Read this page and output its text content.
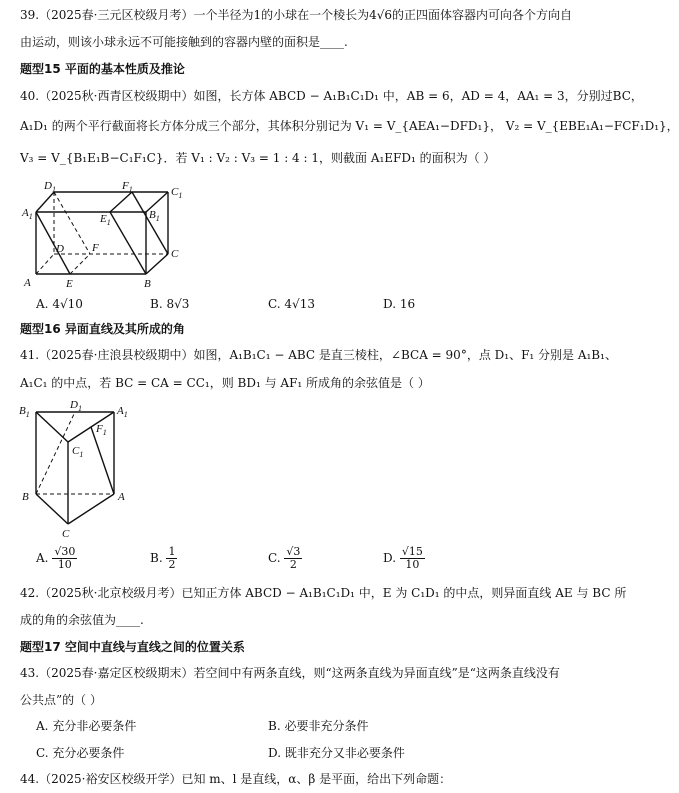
39.（2025春·三元区校级月考）一个半径为1的小球在一个棱长为4√6的正四面体容器内可向各个方向自
由运动，则该小球永远不可能接触到的容器内壁的面积是____.
题型15 平面的基本性质及推论
40.（2025秋·西青区校级期中）如图，长方体 ABCD − A₁B₁C₁D₁ 中，AB = 6，AD = 4，AA₁ = 3，分别过BC，
A₁D₁ 的两个平行截面将长方体分成三个部分，其体积分别记为 V₁ = V_{AEA₁−DFD₁}， V₂ = V_{EBE₁A₁−FCF₁D₁}，
V₃ = V_{B₁E₁B−C₁F₁C}．若 V₁ : V₂ : V₃ = 1 : 4 : 1，则截面 A₁EFD₁ 的面积为（ ）
$D_1$	$F_1$	$C_1$
$A_1$	$E_1$
$B_1$
D	F	C
A	E	B
A. 4√10	B. 8√3	C. 4√13	D. 16
题型16 异面直线及其所成的角
41.（2025春·庄浪县校级期中）如图，A₁B₁C₁ − ABC 是直三棱柱，∠BCA = 90°，点 D₁、F₁ 分别是 A₁B₁、
A₁C₁ 的中点，若 BC = CA = CC₁，则 BD₁ 与 AF₁ 所成角的余弦值是（ ）
$B_1$
$D_1$	$A_1$
$F_1$
$C_1$
B	A
C
A. $\frac{√30}{10}$	B. $\frac{1}{2}$	C. $\frac{√3}{2}$	D. $\frac{√15}{10}$
42.（2025秋·北京校级月考）已知正方体 ABCD − A₁B₁C₁D₁ 中，E 为 C₁D₁ 的中点，则异面直线 AE 与 BC 所
成的角的余弦值为____.
题型17 空间中直线与直线之间的位置关系
43.（2025春·嘉定区校级期末）若空间中有两条直线，则“这两条直线为异面直线”是“这两条直线没有
公共点”的（ ）
A. 充分非必要条件	B. 必要非充分条件
C. 充分必要条件	D. 既非充分又非必要条件
44.（2025·裕安区校级开学）已知 m、l 是直线，α、β 是平面，给出下列命题：
